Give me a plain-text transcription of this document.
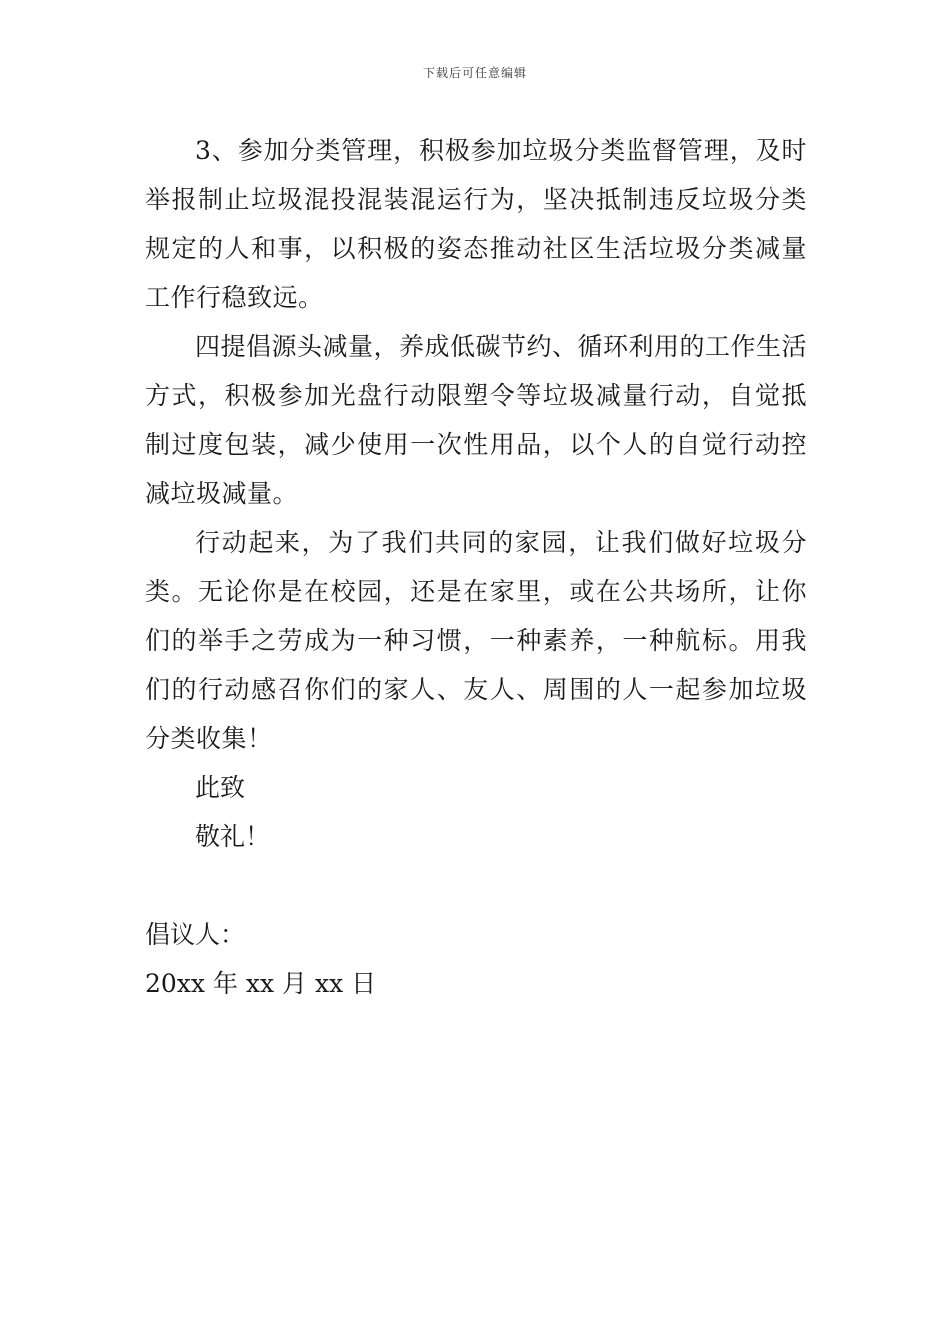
下载后可任意编辑

3、参加分类管理，积极参加垃圾分类监督管理，及时举报制止垃圾混投混装混运行为，坚决抵制违反垃圾分类规定的人和事，以积极的姿态推动社区生活垃圾分类减量工作行稳致远。

四提倡源头减量，养成低碳节约、循环利用的工作生活方式，积极参加光盘行动限塑令等垃圾减量行动，自觉抵制过度包装，减少使用一次性用品，以个人的自觉行动控减垃圾减量。

行动起来，为了我们共同的家园，让我们做好垃圾分类。无论你是在校园，还是在家里，或在公共场所，让你们的举手之劳成为一种习惯，一种素养，一种航标。用我们的行动感召你们的家人、友人、周围的人一起参加垃圾分类收集！

此致

敬礼！

倡议人：

20xx 年 xx 月 xx 日
